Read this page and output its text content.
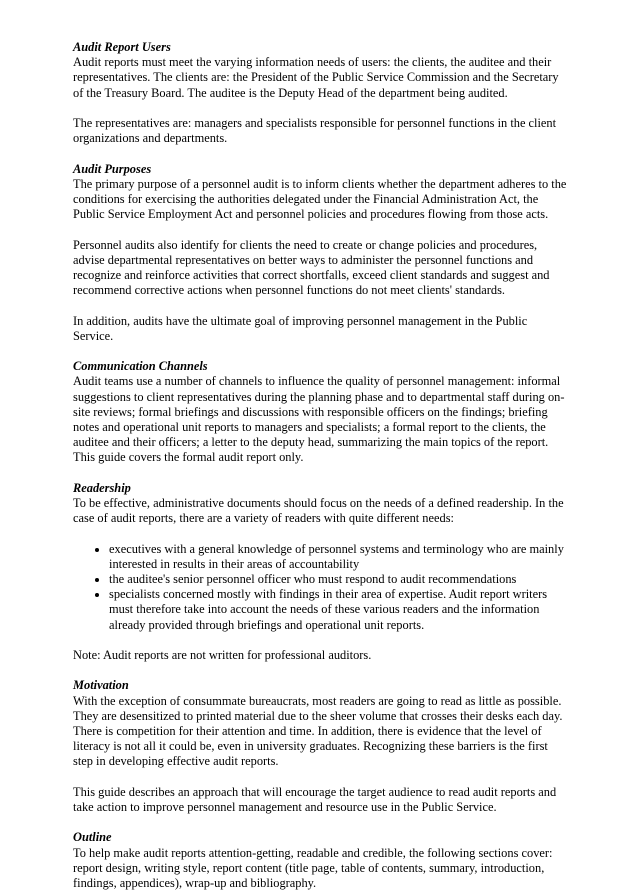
Audit Report Users

Audit reports must meet the varying information needs of users: the clients, the auditee and their representatives. The clients are: the President of the Public Service Commission and the Secretary of the Treasury Board. The auditee is the Deputy Head of the department being audited.

The representatives are: managers and specialists responsible for personnel functions in the client organizations and departments.

Audit Purposes

The primary purpose of a personnel audit is to inform clients whether the department adheres to the conditions for exercising the authorities delegated under the Financial Administration Act, the Public Service Employment Act and personnel policies and procedures flowing from those acts.

Personnel audits also identify for clients the need to create or change policies and procedures, advise departmental representatives on better ways to administer the personnel functions and recognize and reinforce activities that correct shortfalls, exceed client standards and suggest and recommend corrective actions when personnel functions do not meet clients' standards.

In addition, audits have the ultimate goal of improving personnel management in the Public Service.

Communication Channels

Audit teams use a number of channels to influence the quality of personnel management: informal suggestions to client representatives during the planning phase and to departmental staff during on-site reviews; formal briefings and discussions with responsible officers on the findings; briefing notes and operational unit reports to managers and specialists; a formal report to the clients, the auditee and their officers; a letter to the deputy head, summarizing the main topics of the report. This guide covers the formal audit report only.

Readership

To be effective, administrative documents should focus on the needs of a defined readership. In the case of audit reports, there are a variety of readers with quite different needs:

• executives with a general knowledge of personnel systems and terminology who are mainly interested in results in their areas of accountability
• the auditee's senior personnel officer who must respond to audit recommendations
• specialists concerned mostly with findings in their area of expertise. Audit report writers must therefore take into account the needs of these various readers and the information already provided through briefings and operational unit reports.

Note: Audit reports are not written for professional auditors.

Motivation

With the exception of consummate bureaucrats, most readers are going to read as little as possible. They are desensitized to printed material due to the sheer volume that crosses their desks each day. There is competition for their attention and time. In addition, there is evidence that the level of literacy is not all it could be, even in university graduates. Recognizing these barriers is the first step in developing effective audit reports.

This guide describes an approach that will encourage the target audience to read audit reports and take action to improve personnel management and resource use in the Public Service.

Outline

To help make audit reports attention-getting, readable and credible, the following sections cover: report design, writing style, report content (title page, table of contents, summary, introduction, findings, appendices), wrap-up and bibliography.
